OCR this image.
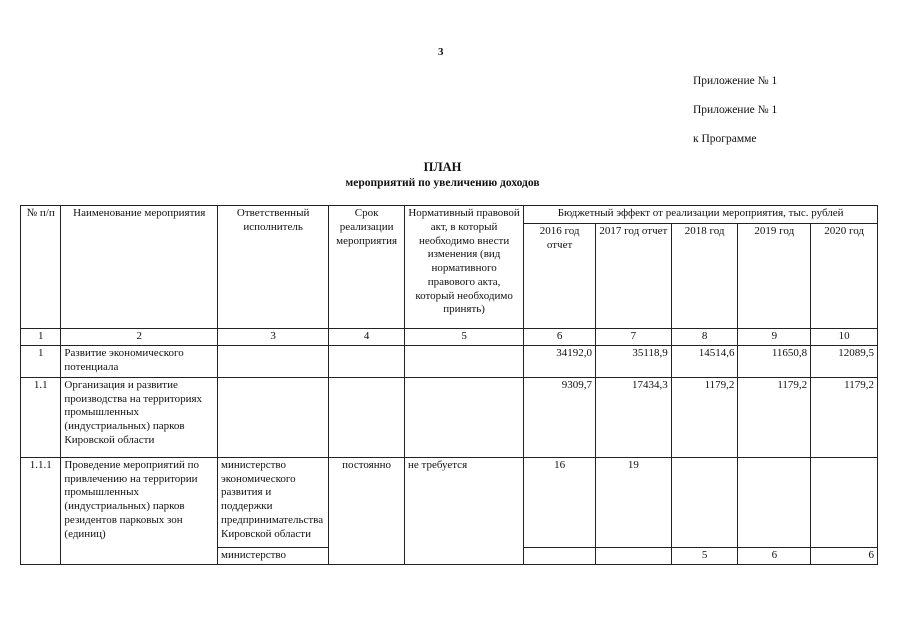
3
Приложение № 1
Приложение № 1
к Программе
ПЛАН
мероприятий по увеличению доходов
№ п/п	Наименование мероприятия	Ответственный исполнитель	Срок реализации мероприятия	Нормативный правовой акт, в который необходимо внести изменения (вид нормативного правового акта, который необходимо принять)	Бюджетный эффект от реализации мероприятия, тыс. рублей				
					2016 год отчет	2017 год отчет	2018 год	2019 год	2020 год
1	2	3	4	5	6	7	8	9	10
1	Развитие экономического потенциала				34192,0	35118,9	14514,6	11650,8	12089,5
1.1	Организация и развитие производства на территориях промышленных (индустриальных) парков Кировской области				9309,7	17434,3	1179,2	1179,2	1179,2
1.1.1	Проведение мероприятий по привлечению на территории промышленных (индустриальных) парков резидентов парковых зон (единиц)	министерство экономического развития и поддержки предпринимательства Кировской области	постоянно	не требуется	16	19			
		министерство					5	6	6
